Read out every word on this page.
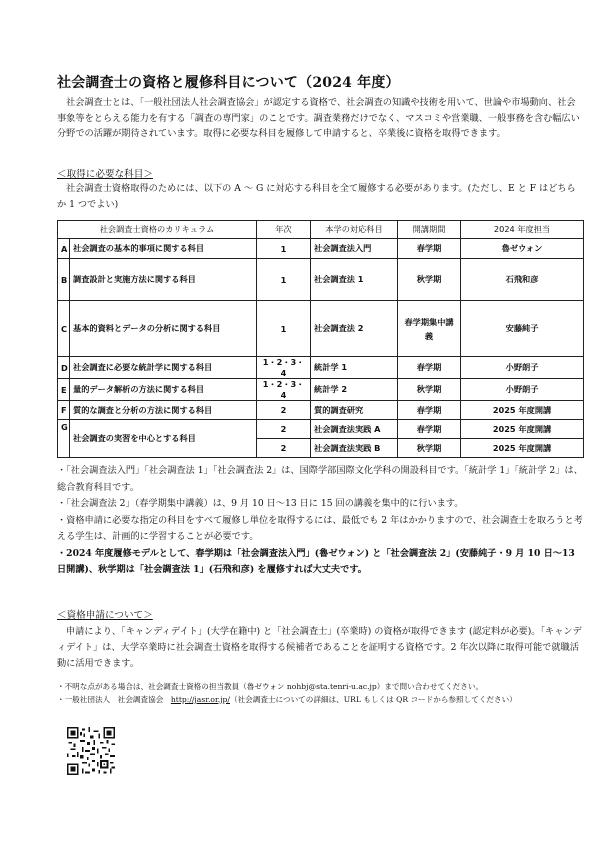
社会調査士の資格と履修科目について（2024 年度）

社会調査士とは、「一般社団法人社会調査協会」が認定する資格で、社会調査の知識や技術を用いて、世論や市場動向、社会事象等をとらえる能力を有する「調査の専門家」のことです。調査業務だけでなく、マスコミや営業職、一般事務を含む幅広い分野での活躍が期待されています。取得に必要な科目を履修して申請すると、卒業後に資格を取得できます。

＜取得に必要な科目＞

社会調査士資格取得のためには、以下の A ～ G に対応する科目を全て履修する必要があります。(ただし、E と F はどちらか 1 つでよい)

社会調査士資格のカリキュラム		年次	本学の対応科目	開講期間	2024 年度担当
A	社会調査の基本的事項に関する科目	1	社会調査法入門	春学期	魯ゼウォン
B	調査設計と実施方法に関する科目	1	社会調査法 1	秋学期	石飛和彦
C	基本的資料とデータの分析に関する科目	1	社会調査法 2	春学期集中講義	安藤純子
D	社会調査に必要な統計学に関する科目	1・2・3・4	統計学 1	春学期	小野朗子
E	量的データ解析の方法に関する科目	1・2・3・4	統計学 2	秋学期	小野朗子
F	質的な調査と分析の方法に関する科目	2	質的調査研究	春学期	2025 年度開講
G	社会調査の実習を中心とする科目	2	社会調査法実践 A	春学期	2025 年度開講
		2	社会調査法実践 B	秋学期	2025 年度開講

・「社会調査法入門」「社会調査法 1」「社会調査法 2」は、国際学部国際文化学科の開設科目です。「統計学 1」「統計学 2」は、総合教育科目です。

・「社会調査法 2」（春学期集中講義）は、9 月 10 日～13 日に 15 回の講義を集中的に行います。

・資格申請に必要な指定の科目をすべて履修し単位を取得するには、最低でも 2 年はかかりますので、社会調査士を取ろうと考える学生は、計画的に学習することが必要です。

・2024 年度履修モデルとして、春学期は「社会調査法入門」(魯ゼウォン) と「社会調査法 2」(安藤純子・9 月 10 日～13 日開講)、秋学期は「社会調査法 1」(石飛和彦) を履修すれば大丈夫です。

＜資格申請について＞

申請により、「キャンディデイト」(大学在籍中) と「社会調査士」(卒業時) の資格が取得できます (認定料が必要)。「キャンディデイト」は、大学卒業時に社会調査士資格を取得する候補者であることを証明する資格です。2 年次以降に取得可能で就職活動に活用できます。

・不明な点がある場合は、社会調査士資格の担当教員（魯ゼウォン nohbj@sta.tenri-u.ac.jp）まで問い合わせてください。

・一般社団法人　社会調査協会　http://jasr.or.jp/（社会調査士についての詳細は、URL もしくは QR コードから参照してください）
